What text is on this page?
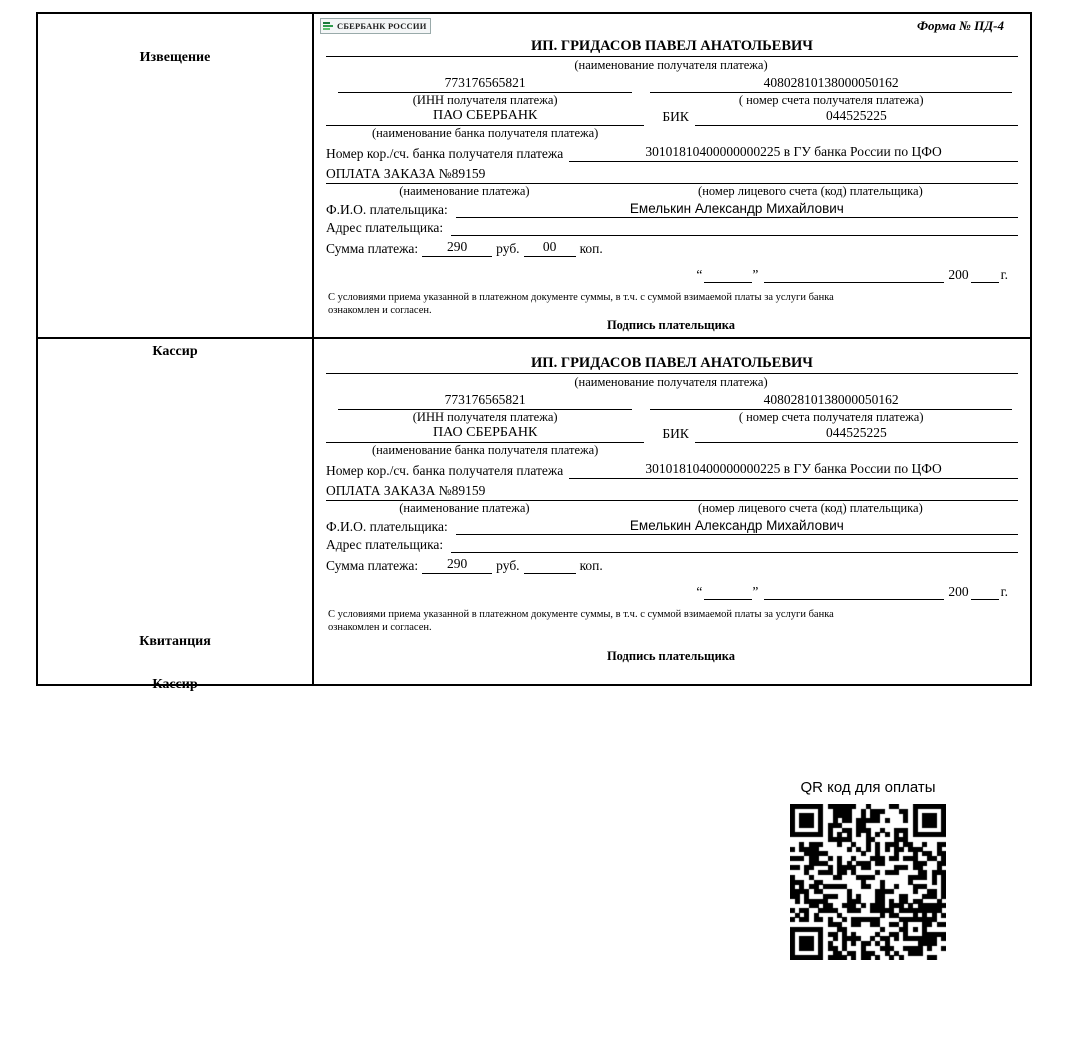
Извещение
Кассир
СБЕРБАНК РОССИИ	Форма № ПД-4
ИП. ГРИДАСОВ ПАВЕЛ АНАТОЛЬЕВИЧ
(наименование получателя платежа)
773176565821	40802810138000050162
(ИНН получателя платежа)	( номер счета получателя платежа)
ПАО СБЕРБАНК	БИК	044525225
(наименование банка получателя платежа)
Номер кор./сч. банка получателя платежа	30101810400000000225 в ГУ банка России по ЦФО
ОПЛАТА ЗАКАЗА №89159
(наименование платежа)	(номер лицевого счета (код) плательщика)
Ф.И.О. плательщика:	Емелькин Александр Михайлович
Адрес плательщика:
Сумма платежа:	290	руб.	00	коп.
“	”	200 г.
С условиями приема указанной в платежном документе суммы, в т.ч. с суммой взимаемой платы за услуги банка
ознакомлен и согласен.
Подпись плательщика
Квитанция
Кассир
ИП. ГРИДАСОВ ПАВЕЛ АНАТОЛЬЕВИЧ
(наименование получателя платежа)
773176565821	40802810138000050162
(ИНН получателя платежа)	( номер счета получателя платежа)
ПАО СБЕРБАНК	БИК	044525225
(наименование банка получателя платежа)
Номер кор./сч. банка получателя платежа	30101810400000000225 в ГУ банка России по ЦФО
ОПЛАТА ЗАКАЗА №89159
(наименование платежа)	(номер лицевого счета (код) плательщика)
Ф.И.О. плательщика:	Емелькин Александр Михайлович
Адрес плательщика:
Сумма платежа:	290	руб.	коп.
“	”	200 г.
С условиями приема указанной в платежном документе суммы, в т.ч. с суммой взимаемой платы за услуги банка
ознакомлен и согласен.
Подпись плательщика
QR код для оплаты
